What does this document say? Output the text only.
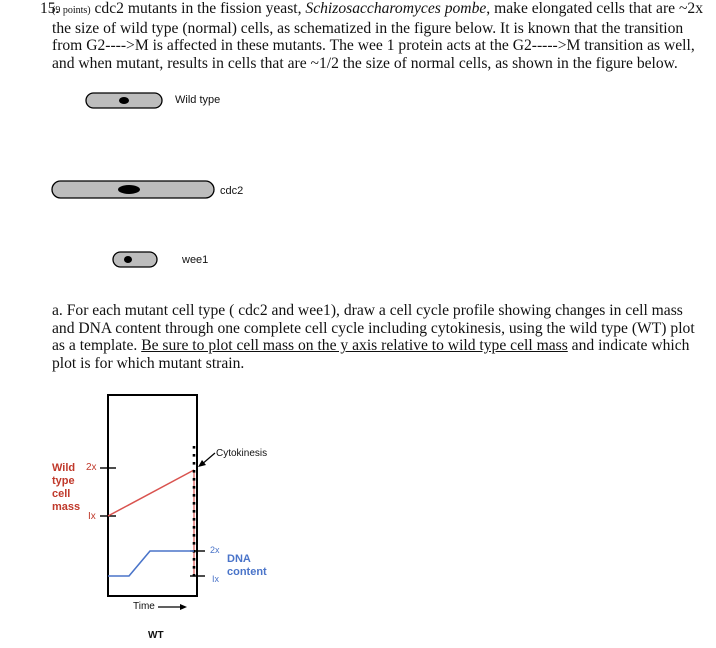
15.
(9 points) cdc2 mutants in the fission yeast, Schizosaccharomyces pombe, make elongated cells that are ~2x the size of wild type (normal) cells, as schematized in the figure below. It is known that the transition from G2---->M is affected in these mutants. The wee 1 protein acts at the G2----->M transition as well, and when mutant, results in cells that are ~1/2 the size of normal cells, as shown in the figure below.
Wild type
cdc2
wee1
a. For each mutant cell type ( cdc2 and wee1), draw a cell cycle profile showing changes in cell mass and DNA content through one complete cell cycle including cytokinesis, using the wild type (WT) plot as a template. Be sure to plot cell mass on the y axis relative to wild type cell mass and indicate which plot is for which mutant strain.
Wild
type
cell
mass
2x
Ix
Cytokinesis
2x
Ix
DNA
content
Time
WT
